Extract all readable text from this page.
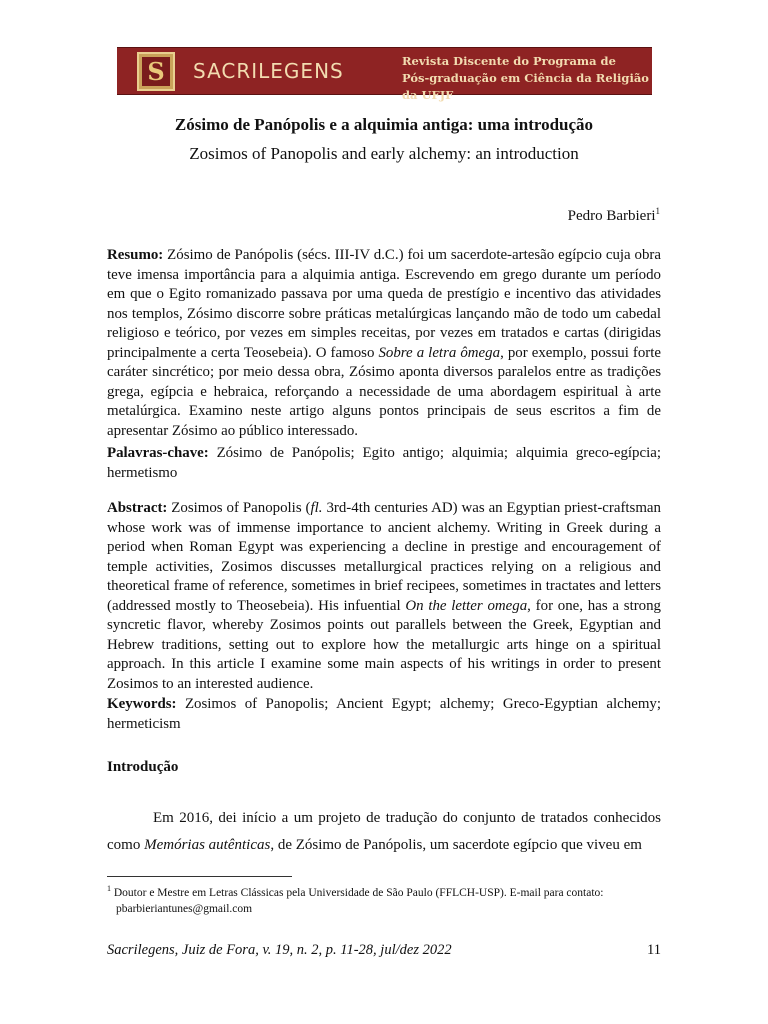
S SACRILEGENS	Revista Discente do Programa de
Pós-graduação em Ciência da Religião da UFJF
Zósimo de Panópolis e a alquimia antiga: uma introdução
Zosimos of Panopolis and early alchemy: an introduction
Pedro Barbieri$^1$

Resumo: Zósimo de Panópolis (sécs. III-IV d.C.) foi um sacerdote-artesão egípcio cuja obra teve imensa importância para a alquimia antiga. Escrevendo em grego durante um período em que o Egito romanizado passava por uma queda de prestígio e incentivo das atividades nos templos, Zósimo discorre sobre práticas metalúrgicas lançando mão de todo um cabedal religioso e teórico, por vezes em simples receitas, por vezes em tratados e cartas (dirigidas principalmente a certa Teosebeia). O famoso Sobre a letra ômega, por exemplo, possui forte caráter sincrético; por meio dessa obra, Zósimo aponta diversos paralelos entre as tradições grega, egípcia e hebraica, reforçando a necessidade de uma abordagem espiritual à arte metalúrgica. Examino neste artigo alguns pontos principais de seus escritos a fim de apresentar Zósimo ao público interessado.

Palavras-chave: Zósimo de Panópolis; Egito antigo; alquimia; alquimia greco-egípcia; hermetismo

Abstract: Zosimos of Panopolis (fl. 3rd-4th centuries AD) was an Egyptian priest-craftsman whose work was of immense importance to ancient alchemy. Writing in Greek during a period when Roman Egypt was experiencing a decline in prestige and encouragement of temple activities, Zosimos discusses metallurgical practices relying on a religious and theoretical frame of reference, sometimes in brief recipees, sometimes in tractates and letters (addressed mostly to Theosebeia). His infuential On the letter omega, for one, has a strong syncretic flavor, whereby Zosimos points out parallels between the Greek, Egyptian and Hebrew traditions, setting out to explore how the metallurgic arts hinge on a spiritual approach. In this article I examine some main aspects of his writings in order to present Zosimos to an interested audience.

Keywords: Zosimos of Panopolis; Ancient Egypt; alchemy; Greco-Egyptian alchemy; hermeticism

Introdução

Em 2016, dei início a um projeto de tradução do conjunto de tratados conhecidos como Memórias autênticas, de Zósimo de Panópolis, um sacerdote egípcio que viveu em

$^1$ Doutor e Mestre em Letras Clássicas pela Universidade de São Paulo (FFLCH-USP). E-mail para contato:
pbarbieriantunes@gmail.com
Sacrilegens, Juiz de Fora, v. 19, n. 2, p. 11-28, jul/dez 2022	11
